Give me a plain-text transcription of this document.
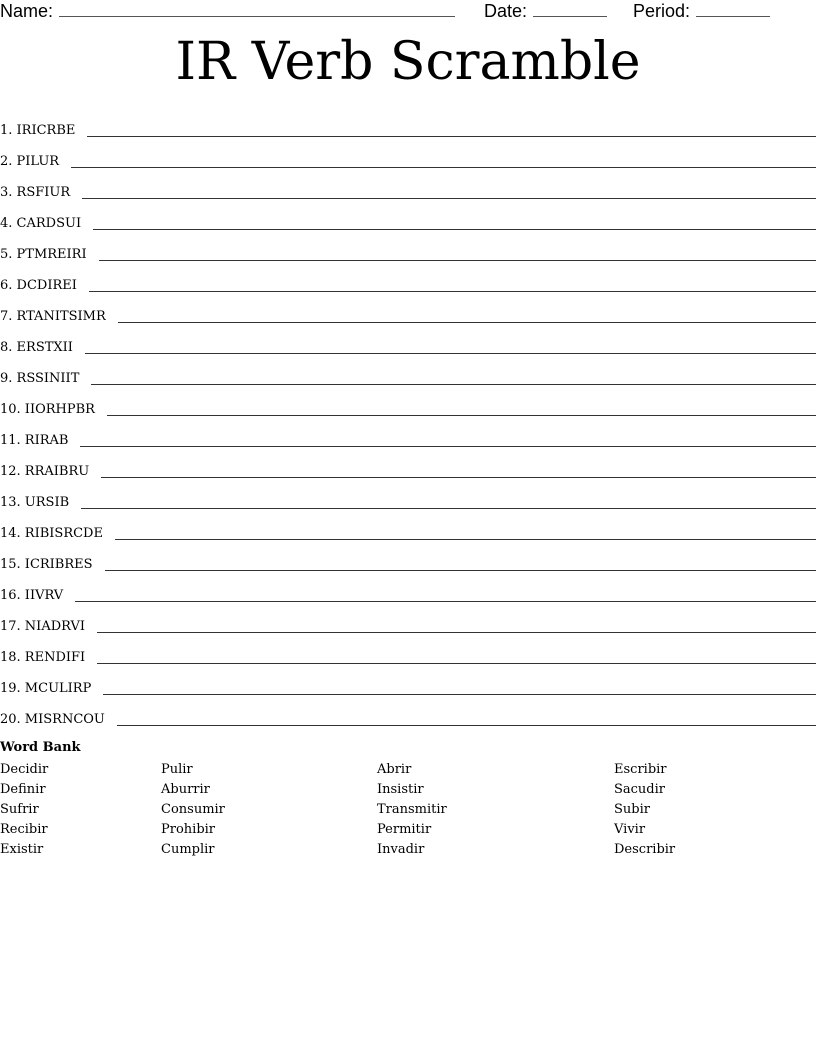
Name:	Date:	Period:
IR Verb Scramble
1. IRICRBE
2. PILUR
3. RSFIUR
4. CARDSUI
5. PTMREIRI
6. DCDIREI
7. RTANITSIMR
8. ERSTXII
9. RSSINIIT
10. IIORHPBR
11. RIRAB
12. RRAIBRU
13. URSIB
14. RIBISRCDE
15. ICRIBRES
16. IIVRV
17. NIADRVI
18. RENDIFI
19. MCULIRP
20. MISRNCOU
Word Bank
Decidir
Definir
Sufrir
Recibir
Existir
Pulir
Aburrir
Consumir
Prohibir
Cumplir
Abrir
Insistir
Transmitir
Permitir
Invadir
Escribir
Sacudir
Subir
Vivir
Describir
